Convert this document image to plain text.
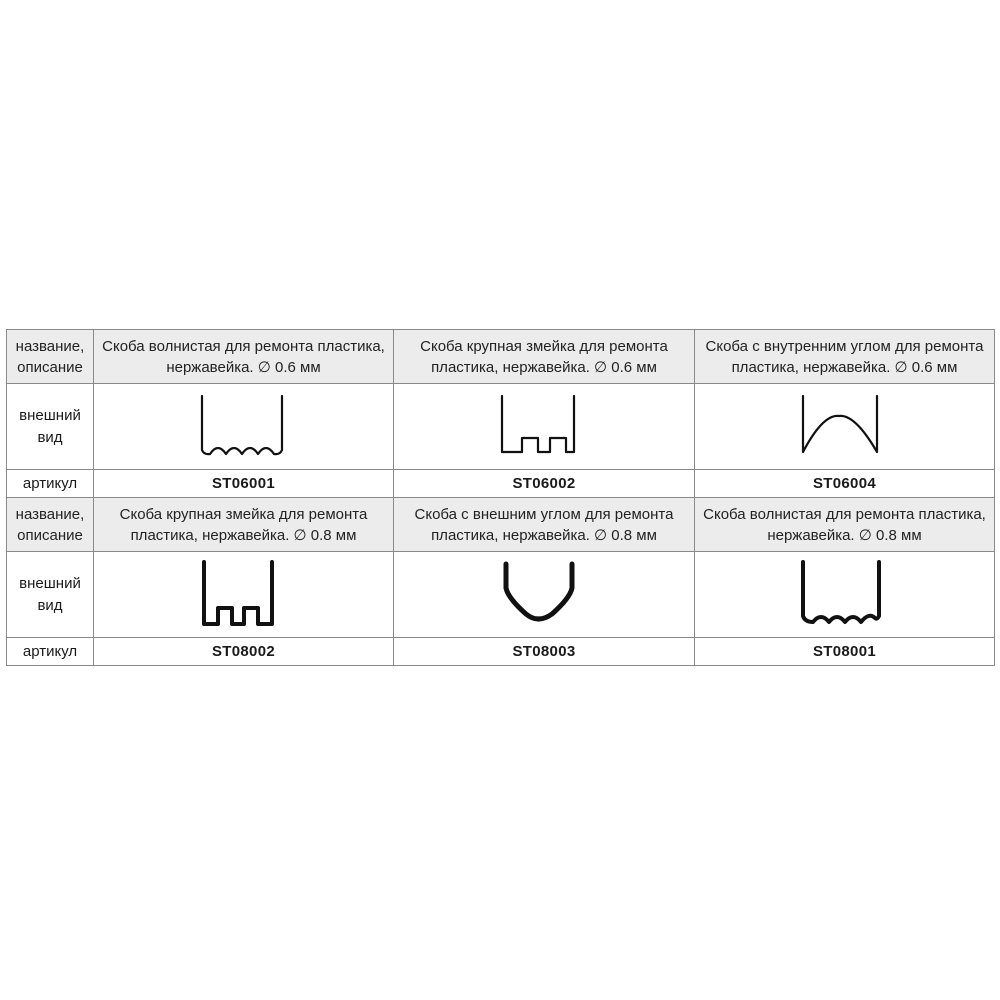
название,
описание	Скоба волнистая для ремонта пластика, нержавейка. ∅ 0.6 мм	Скоба крупная змейка для ремонта пластика, нержавейка. ∅ 0.6 мм	Скоба с внутренним углом для ремонта пластика, нержавейка. ∅ 0.6 мм

внешний
вид	

артикул	ST06001	ST06002	ST06004
название,
описание	Скоба крупная змейка для ремонта пластика, нержавейка. ∅ 0.8 мм	Скоба с внешним углом для ремонта пластика, нержавейка. ∅ 0.8 мм	Скоба волнистая для ремонта пластика, нержавейка. ∅ 0.8 мм

внешний
вид	

артикул	ST08002	ST08003	ST08001
